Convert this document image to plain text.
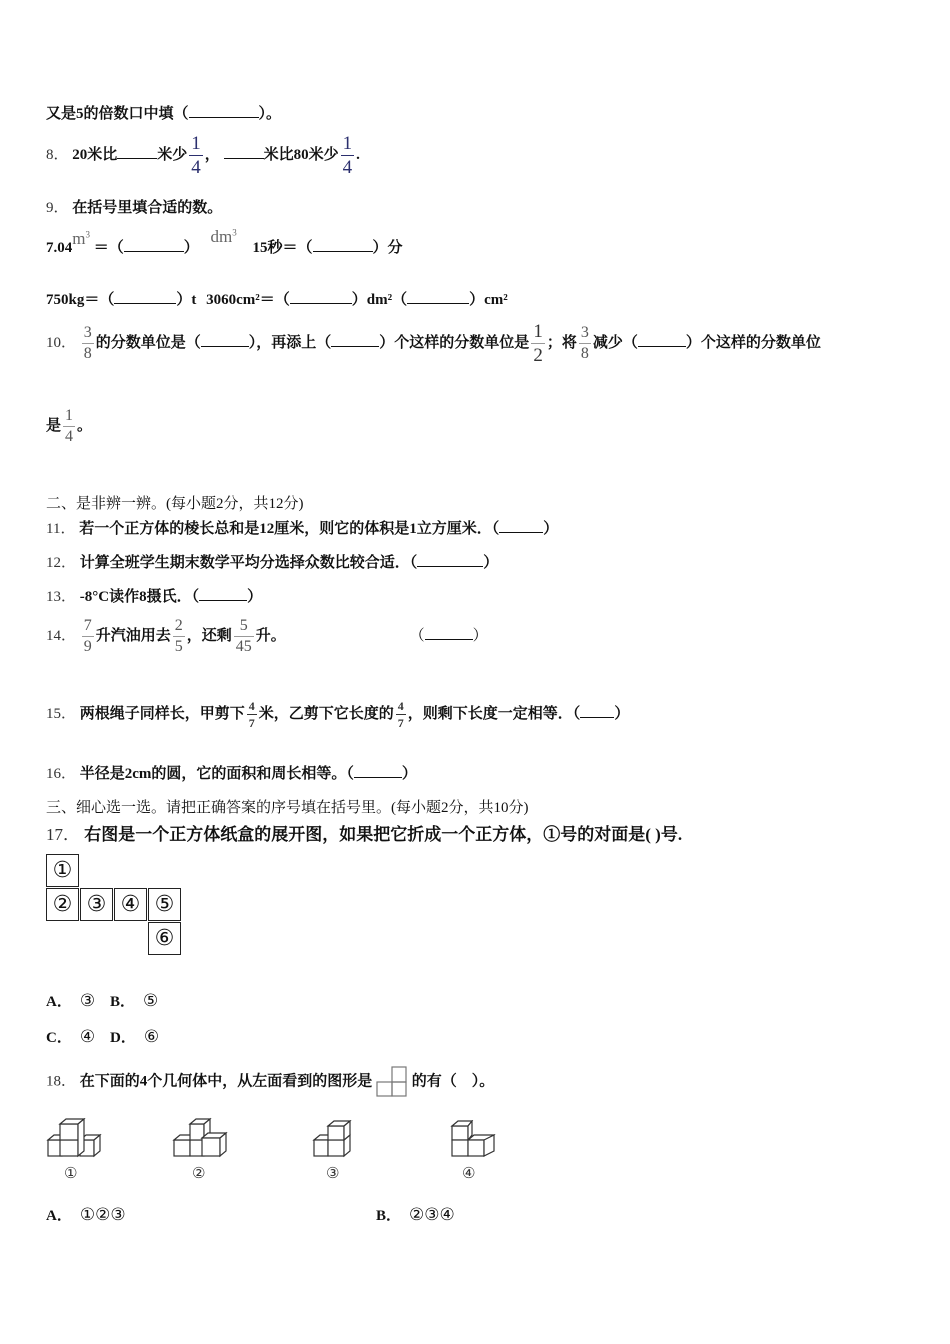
又是5的倍数口中填（	）。
8． 20米比	米少 $\frac{1}{4}$ ，	米比80米少 $\frac{1}{4}$ .
9． 在括号里填合适的数。
$7.04m^3$ ＝（	） $dm^3$ 15秒＝（	）分
750kg＝（	）t 3060cm²＝（	）dm²（	）cm²
10． $\frac{3}{8}$ 的分数单位是（	），再添上（	）个这样的分数单位是 $\frac{1}{2}$ ；将 $\frac{3}{8}$ 减少（	）个这样的分数单位
是 $\frac{1}{4}$ 。
二、是非辨一辨。(每小题2分，共12分)
11． 若一个正方体的棱长总和是12厘米，则它的体积是1立方厘米．（	）
12． 计算全班学生期末数学平均分选择众数比较合适．（	）
13． -8°C读作8摄氏．（	）
14． $\frac{7}{9}$ 升汽油用去 $\frac{2}{5}$ ，还剩 $\frac{5}{45}$ 升。	（	）
15． 两根绳子同样长，甲剪下 $\frac{4}{7}$ 米，乙剪下它长度的 $\frac{4}{7}$ ，则剩下长度一定相等．（ ）
16． 半径是2cm的圆，它的面积和周长相等。（	）
三、细心选一选。请把正确答案的序号填在括号里。(每小题2分，共10分)
17． 右图是一个正方体纸盒的展开图，如果把它折成一个正方体，①号的对面是( )号.
①
② ③ ④ ⑤
⑥
A． ③ B． ⑤
C． ④ D． ⑥
18． 在下面的4个几何体中，从左面看到的图形是	的有（　）。
①	②	③	④
A． ①②③	B． ②③④
